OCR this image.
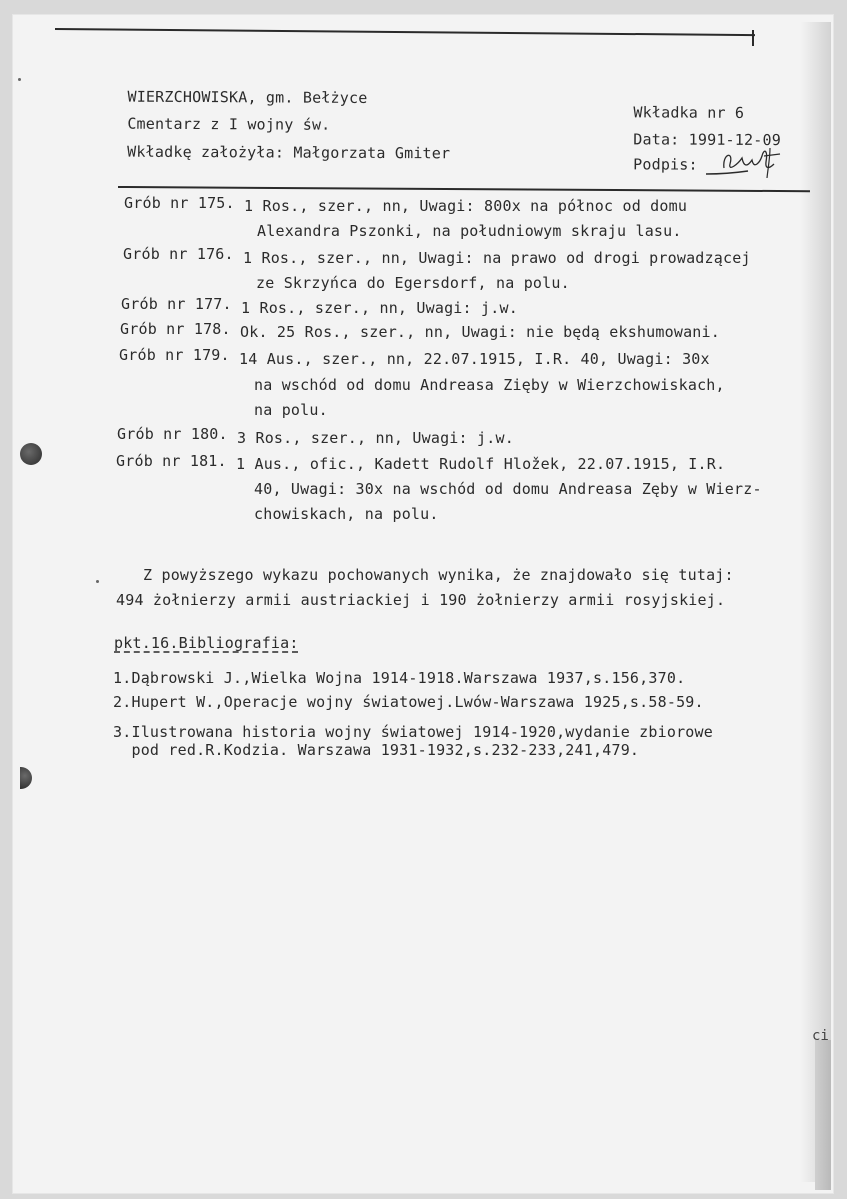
WIERZCHOWISKA, gm. Bełżyce
Cmentarz z I wojny św.
Wkładkę założyła: Małgorzata Gmiter
Wkładka nr 6
Data: 1991-12-09
Podpis:
Grób nr 175. 1 Ros., szer., nn, Uwagi: 800x na północ od domu
Alexandra Pszonki, na południowym skraju lasu.
Grób nr 176. 1 Ros., szer., nn, Uwagi: na prawo od drogi prowadzącej
ze Skrzyńca do Egersdorf, na polu.
Grób nr 177. 1 Ros., szer., nn, Uwagi: j.w.
Grób nr 178. Ok. 25 Ros., szer., nn, Uwagi: nie będą ekshumowani.
Grób nr 179. 14 Aus., szer., nn, 22.07.1915, I.R. 40, Uwagi: 30x
na wschód od domu Andreasa Zięby w Wierzchowiskach,
na polu.
Grób nr 180. 3 Ros., szer., nn, Uwagi: j.w.
Grób nr 181. 1 Aus., ofic., Kadett Rudolf Hložek, 22.07.1915, I.R.
40, Uwagi: 30x na wschód od domu Andreasa Zęby w Wierz-
chowiskach, na polu.
Z powyższego wykazu pochowanych wynika, że znajdowało się tutaj:
494 żołnierzy armii austriackiej i 190 żołnierzy armii rosyjskiej.
pkt.16.Bibliografia:
1.Dąbrowski J.,Wielka Wojna 1914-1918.Warszawa 1937,s.156,370.
2.Hupert W.,Operacje wojny światowej.Lwów-Warszawa 1925,s.58-59.
3.Ilustrowana historia wojny światowej 1914-1920,wydanie zbiorowe
pod red.R.Kodzia. Warszawa 1931-1932,s.232-233,241,479.
ci
